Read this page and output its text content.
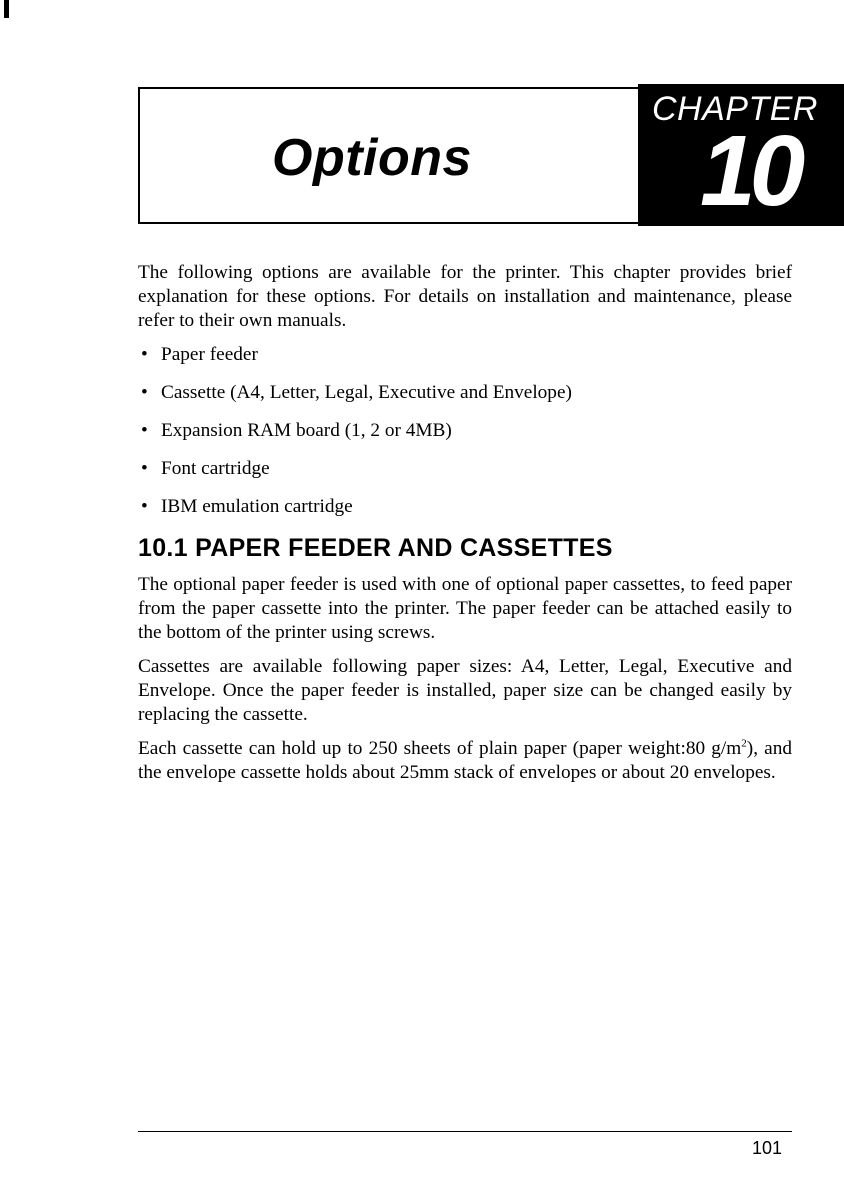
Options
CHAPTER
10

The following options are available for the printer. This chapter provides brief explanation for these options. For details on installation and maintenance, please refer to their own manuals.

• Paper feeder
• Cassette (A4, Letter, Legal, Executive and Envelope)
• Expansion RAM board (1, 2 or 4MB)
• Font cartridge
• IBM emulation cartridge
10.1 PAPER FEEDER AND CASSETTES

The optional paper feeder is used with one of optional paper cassettes, to feed paper from the paper cassette into the printer. The paper feeder can be attached easily to the bottom of the printer using screws.

Cassettes are available following paper sizes: A4, Letter, Legal, Executive and Envelope. Once the paper feeder is installed, paper size can be changed easily by replacing the cassette.

Each cassette can hold up to 250 sheets of plain paper (paper weight:80 $g/m^2$), and the envelope cassette holds about 25mm stack of envelopes or about 20 envelopes.

101
